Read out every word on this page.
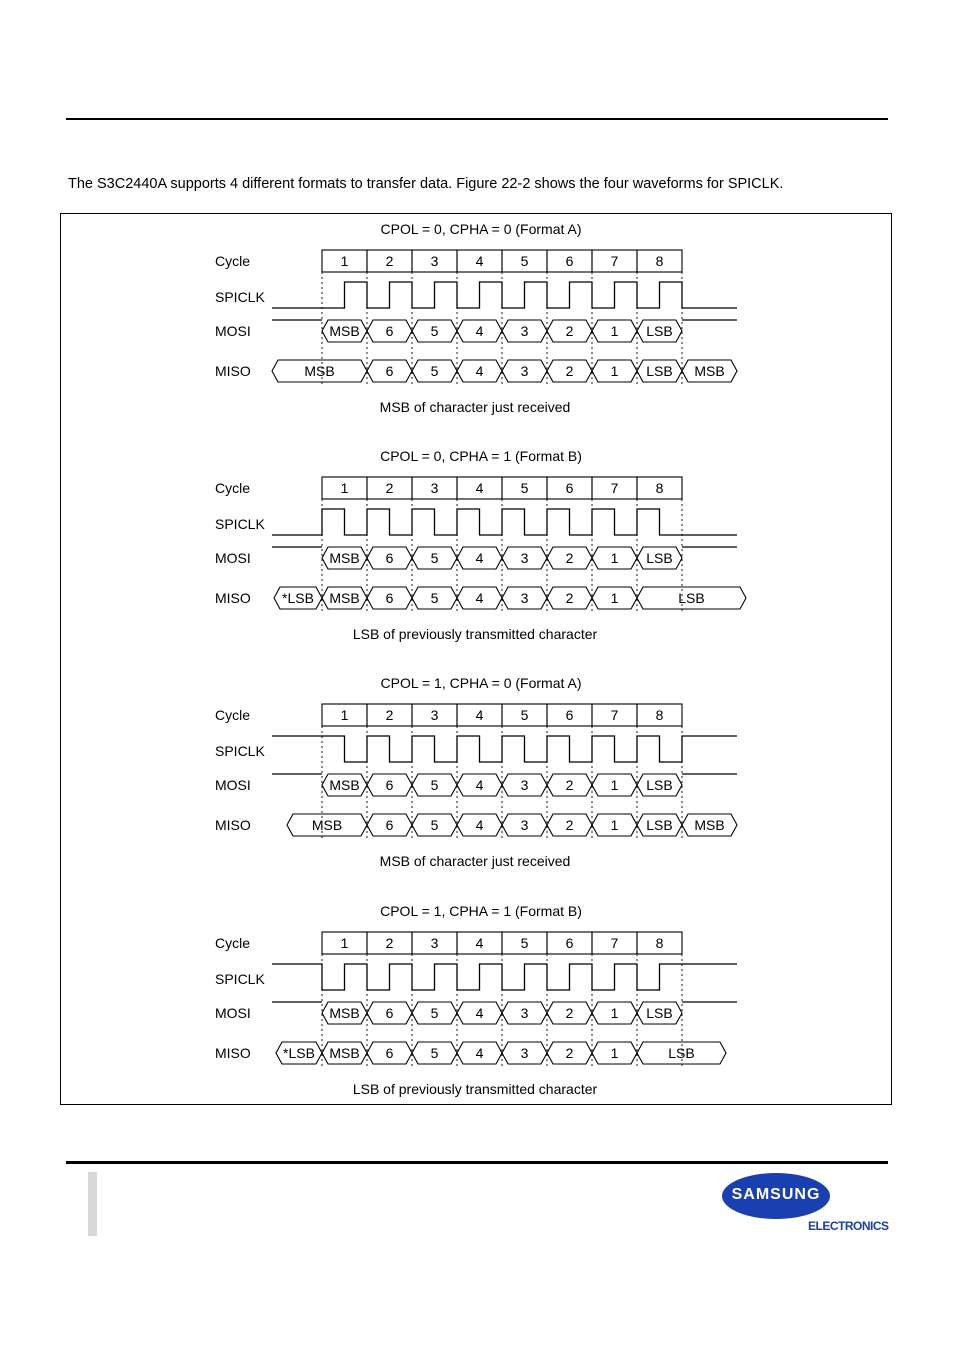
The S3C2440A supports 4 different formats to transfer data. Figure 22-2 shows the four waveforms for SPICLK.
CPOL = 0, CPHA = 0 (Format A)
Cycle
SPICLK
MOSI
MISO
1	2	3	4	5	6	7	8
MSB 6	5	4	3	2	1 LSB
MSB	6	5	4	3	2	1 LSB MSB
MSB of character just received
CPOL = 0, CPHA = 1 (Format B)
Cycle
SPICLK
MOSI
MISO
1	2	3	4	5	6	7	8
MSB 6	5	4	3	2	1 LSB
*LSB MSB 6	5	4	3	2	1	LSB
LSB of previously transmitted character
CPOL = 1, CPHA = 0 (Format A)
Cycle
SPICLK
MOSI
MISO
1	2	3	4	5	6	7	8
MSB 6	5	4	3	2	1 LSB
MSB	6	5	4	3	2	1 LSB MSB
MSB of character just received
CPOL = 1, CPHA = 1 (Format B)
Cycle
SPICLK
MOSI
MISO
1	2	3	4	5	6	7	8
MSB 6	5	4	3	2	1 LSB
*LSB MSB 6	5	4	3	2	1	LSB
LSB of previously transmitted character
SAMSUNG
ELECTRONICS
